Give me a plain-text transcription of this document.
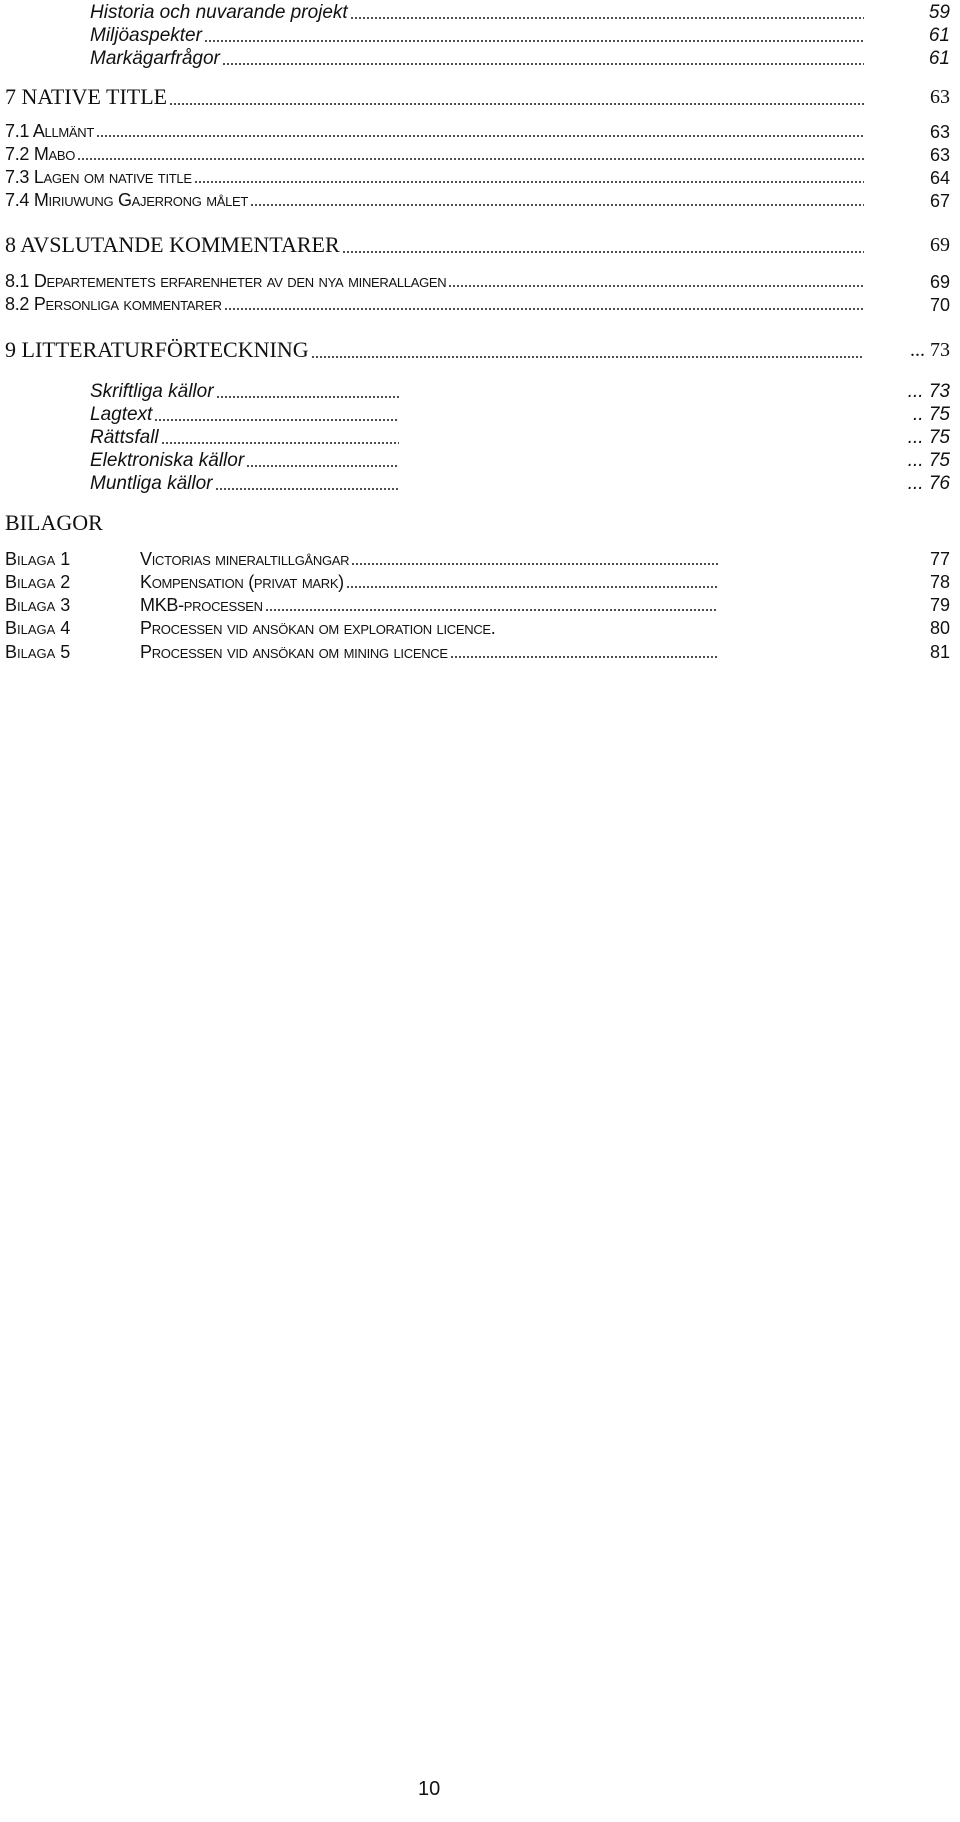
Historia och nuvarande projekt	59
Miljöaspekter	61
Markägarfrågor	61
7 NATIVE TITLE	63
7.1 Allmänt	63
7.2 Mabo	63
7.3 Lagen om native title	64
7.4 Miriuwung Gajerrong målet	67
8 AVSLUTANDE KOMMENTARER	69
8.1 Departementets erfarenheter av den nya minerallagen	69
8.2 Personliga kommentarer	70
9 LITTERATURFÖRTECKNING	... 73
Skriftliga källor	... 73
Lagtext	.. 75
Rättsfall	... 75
Elektroniska källor	... 75
Muntliga källor	... 76
BILAGOR
Bilaga 1	Victorias mineraltillgångar	77
Bilaga 2	Kompensation (privat mark)	78
Bilaga 3	MKB-processen	79
Bilaga 4	Processen vid ansökan om exploration licence.	80
Bilaga 5	Processen vid ansökan om mining licence	81
10
